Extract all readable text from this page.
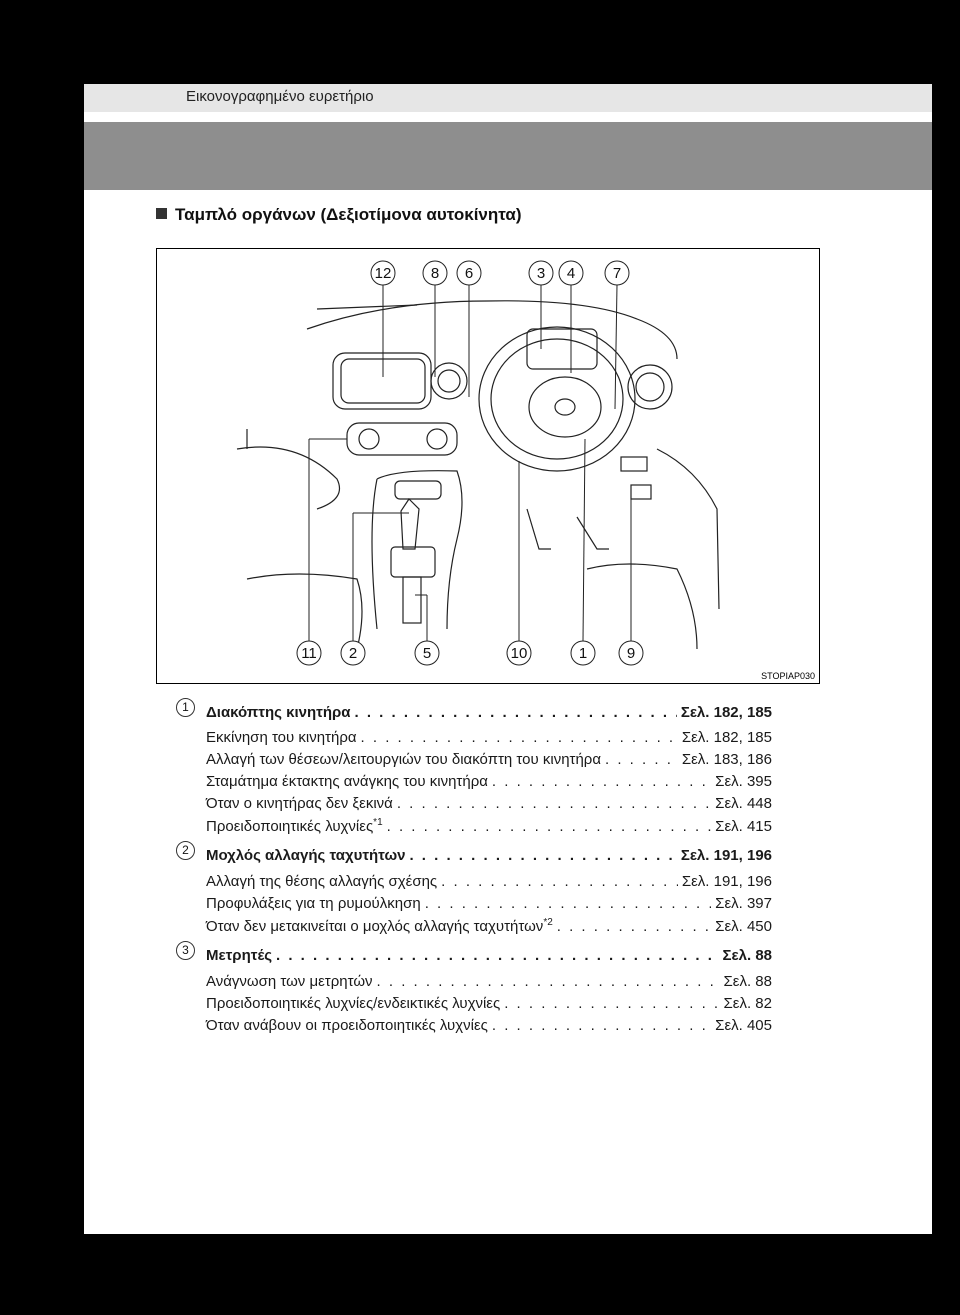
Εικονογραφημένο ευρετήριο
Ταμπλό οργάνων (Δεξιοτίμονα αυτοκίνητα)
12	8 6	3 4	7
11 2	5	10	1	9
STOPIAP030
1	Διακόπτης κινητήρα . . .	Σελ. 182, 185
Εκκίνηση του κινητήρα . . .	Σελ. 182, 185
Αλλαγή των θέσεων/λειτουργιών του διακόπτη του κινητήρα . . .	Σελ. 183, 186
Σταμάτημα έκτακτης ανάγκης του κινητήρα . . .	Σελ. 395
Όταν ο κινητήρας δεν ξεκινά . . .	Σελ. 448
Προειδοποιητικές λυχνίες$^{*1}$ . . .	Σελ. 415
2	Μοχλός αλλαγής ταχυτήτων . . .	Σελ. 191, 196
Αλλαγή της θέσης αλλαγής σχέσης . . .	Σελ. 191, 196
Προφυλάξεις για τη ρυμούλκηση . . .	Σελ. 397
Όταν δεν μετακινείται ο μοχλός αλλαγής ταχυτήτων$^{*2}$ . . .	Σελ. 450
3	Μετρητές . . .	Σελ. 88
Ανάγνωση των μετρητών . . .	Σελ. 88
Προειδοποιητικές λυχνίες/ενδεικτικές λυχνίες . . .	Σελ. 82
Όταν ανάβουν οι προειδοποιητικές λυχνίες . . .	Σελ. 405
